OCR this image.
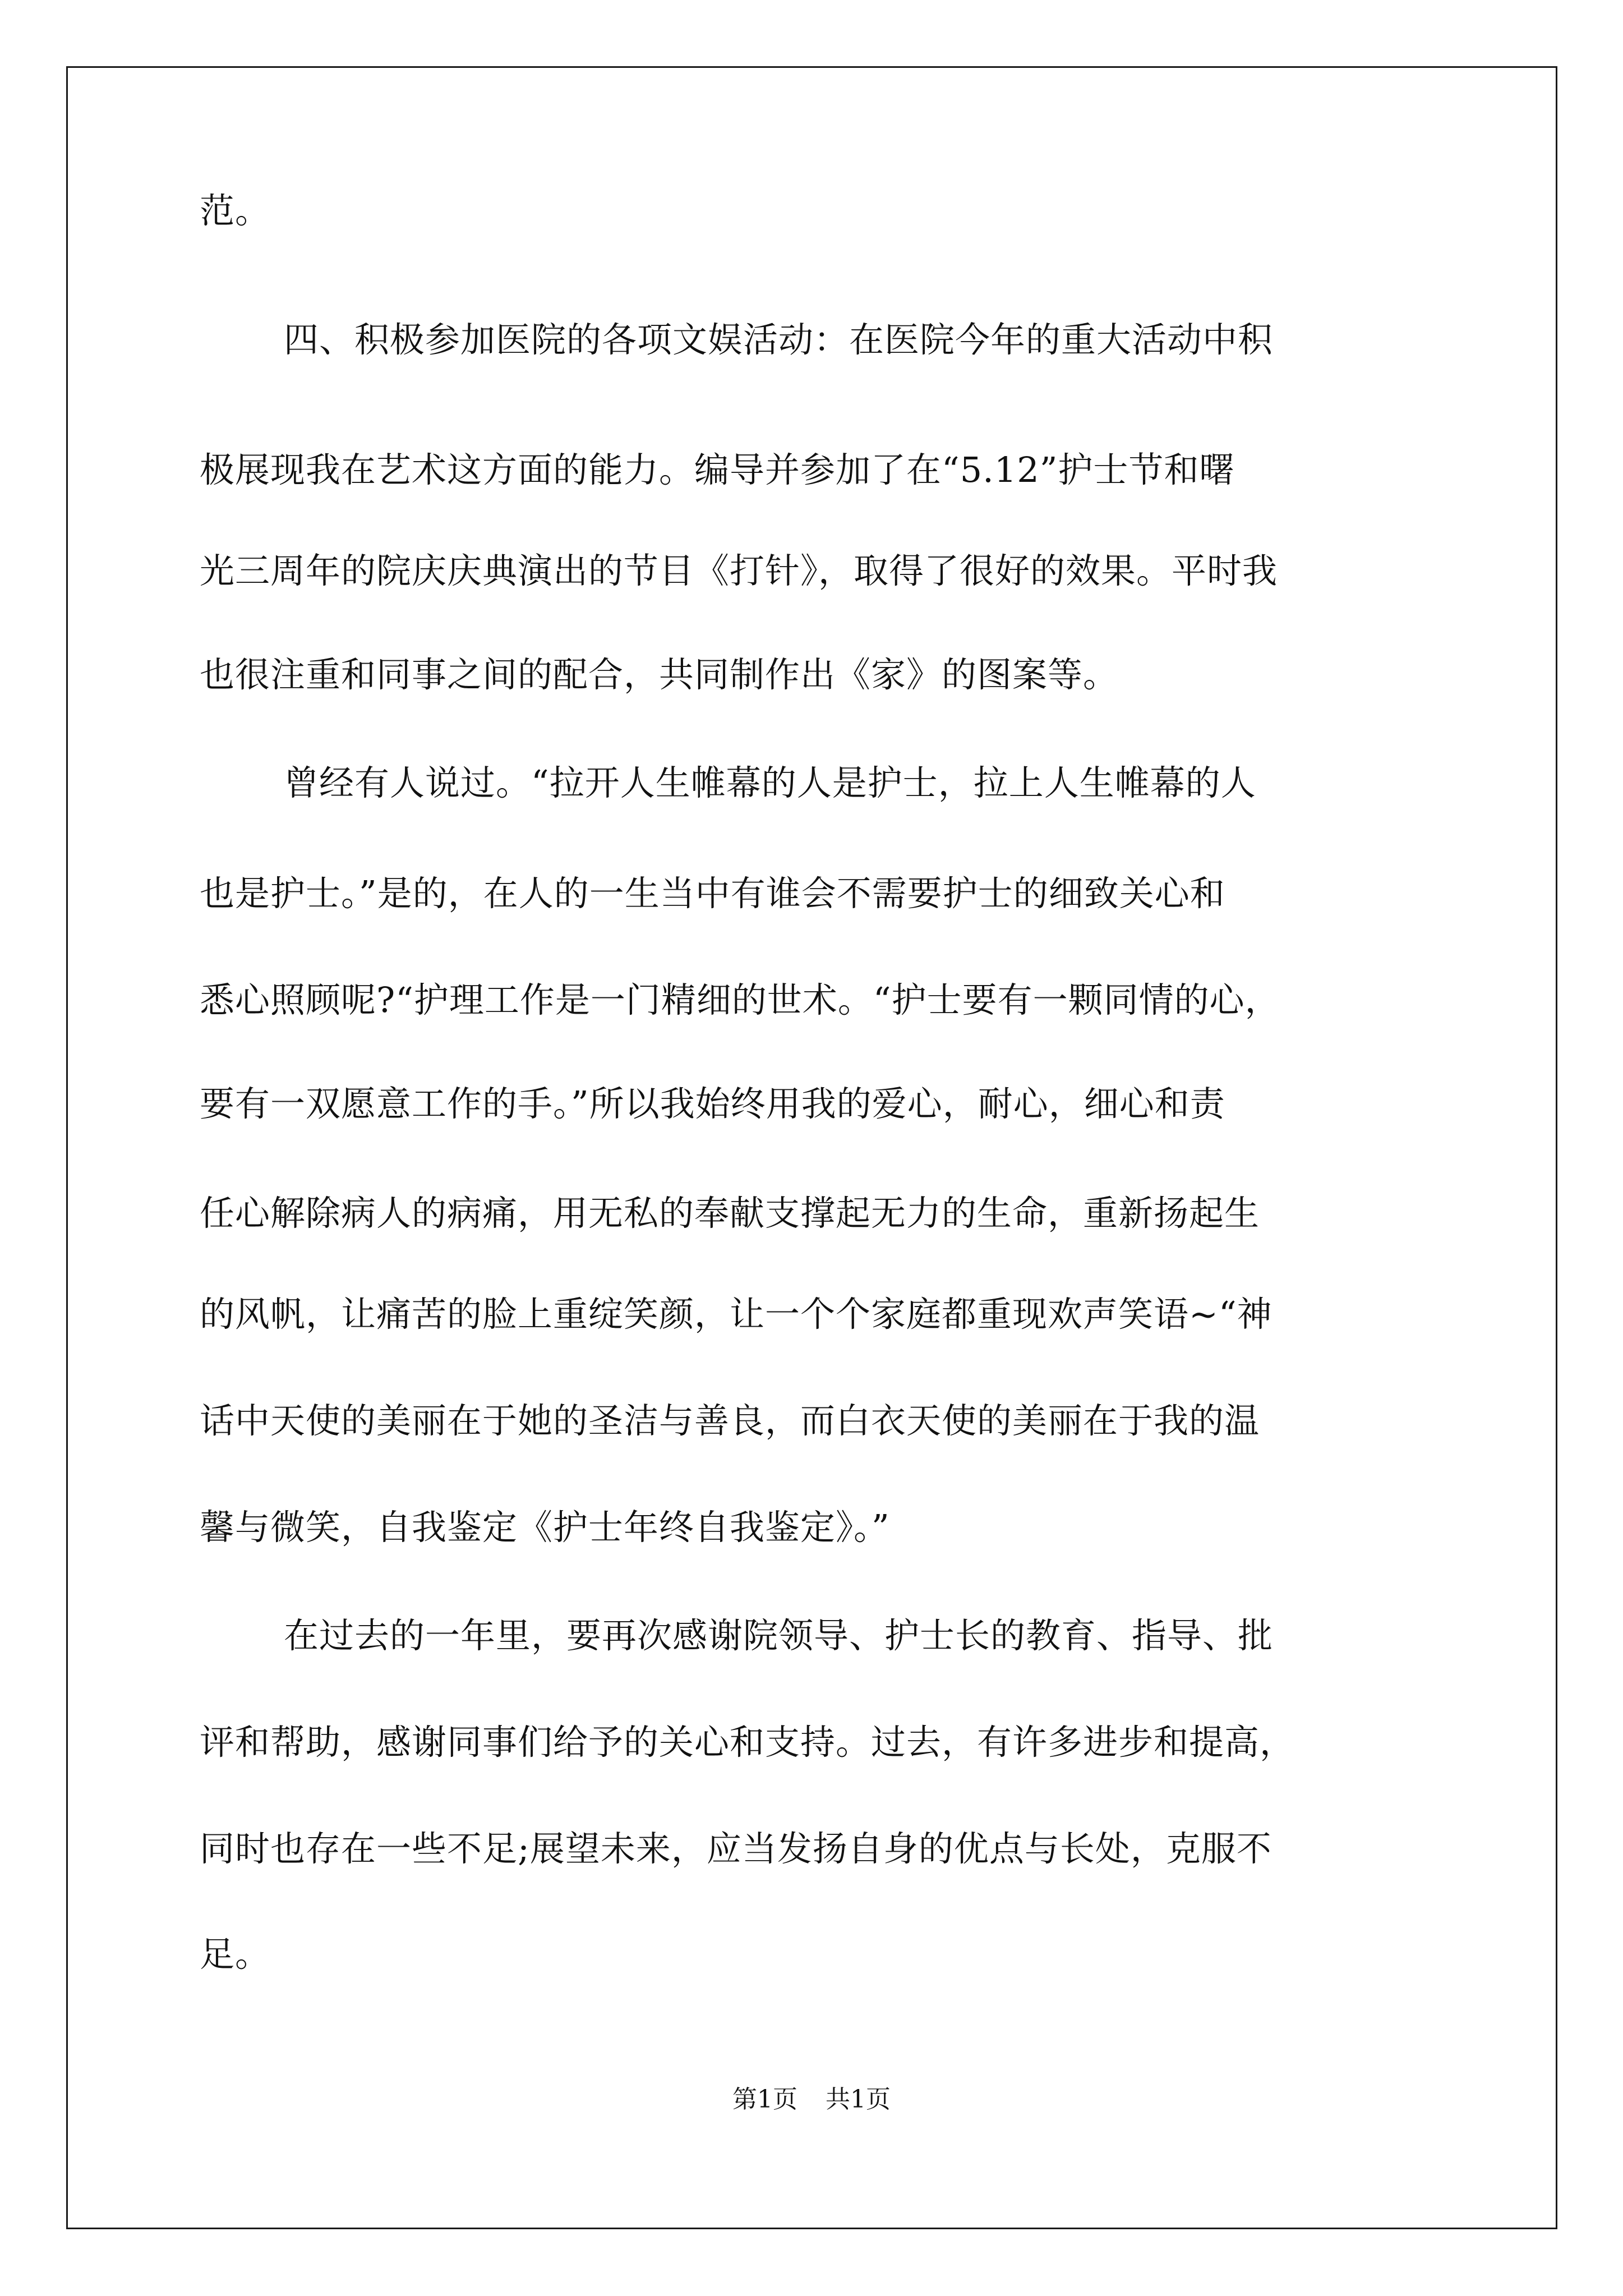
范。
四、积极参加医院的各项文娱活动：在医院今年的重大活动中积
极展现我在艺术这方面的能力。编导并参加了在“5.12”护士节和曙
光三周年的院庆庆典演出的节目《打针》，取得了很好的效果。平时我
也很注重和同事之间的配合，共同制作出《家》的图案等。
曾经有人说过。“拉开人生帷幕的人是护士，拉上人生帷幕的人
也是护士。”是的，在人的一生当中有谁会不需要护士的细致关心和
悉心照顾呢?“护理工作是一门精细的世术。“护士要有一颗同情的心，
要有一双愿意工作的手。”所以我始终用我的爱心，耐心，细心和责
任心解除病人的病痛，用无私的奉献支撑起无力的生命，重新扬起生
的风帆，让痛苦的脸上重绽笑颜，让一个个家庭都重现欢声笑语~“神
话中天使的美丽在于她的圣洁与善良，而白衣天使的美丽在于我的温
馨与微笑，自我鉴定《护士年终自我鉴定》。”
在过去的一年里，要再次感谢院领导、护士长的教育、指导、批
评和帮助，感谢同事们给予的关心和支持。过去，有许多进步和提高，
同时也存在一些不足;展望未来，应当发扬自身的优点与长处，克服不
足。
第1页 共1页
